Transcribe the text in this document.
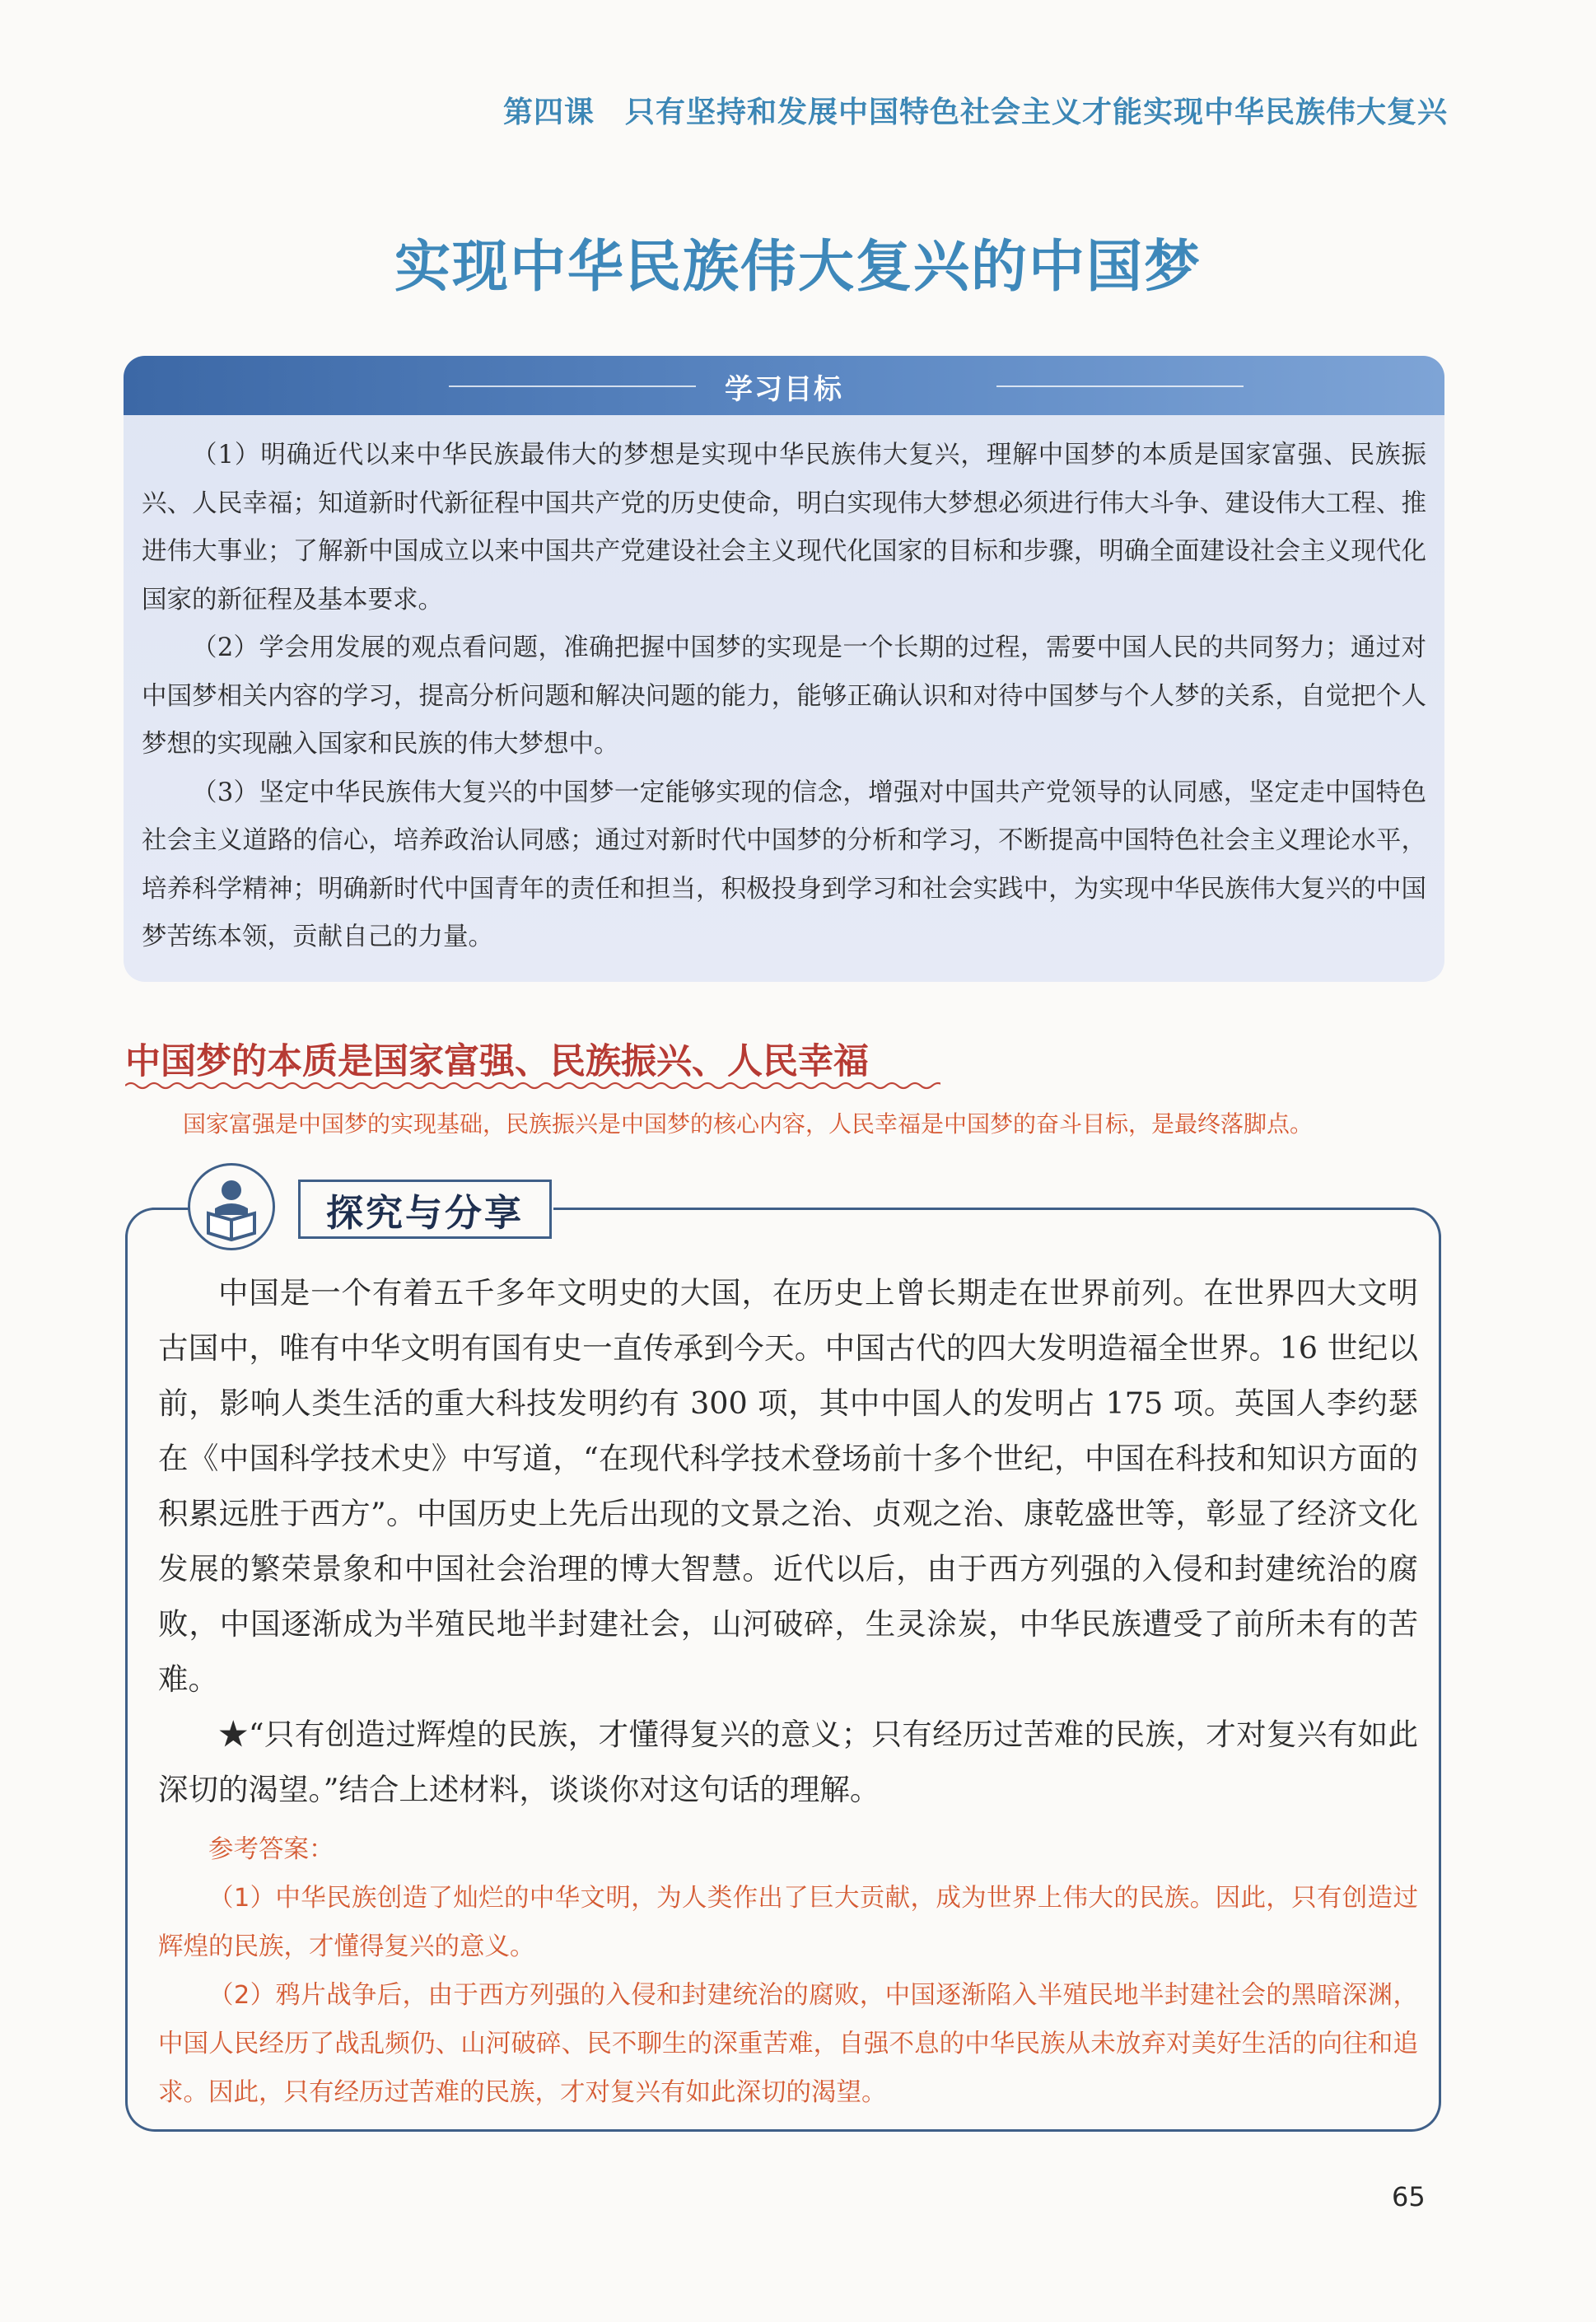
第四课　只有坚持和发展中国特色社会主义才能实现中华民族伟大复兴
实现中华民族伟大复兴的中国梦
学习目标

（1）明确近代以来中华民族最伟大的梦想是实现中华民族伟大复兴，理解中国梦的本质是国家富强、民族振兴、人民幸福；知道新时代新征程中国共产党的历史使命，明白实现伟大梦想必须进行伟大斗争、建设伟大工程、推进伟大事业；了解新中国成立以来中国共产党建设社会主义现代化国家的目标和步骤，明确全面建设社会主义现代化国家的新征程及基本要求。

（2）学会用发展的观点看问题，准确把握中国梦的实现是一个长期的过程，需要中国人民的共同努力；通过对中国梦相关内容的学习，提高分析问题和解决问题的能力，能够正确认识和对待中国梦与个人梦的关系，自觉把个人梦想的实现融入国家和民族的伟大梦想中。

（3）坚定中华民族伟大复兴的中国梦一定能够实现的信念，增强对中国共产党领导的认同感，坚定走中国特色社会主义道路的信心，培养政治认同感；通过对新时代中国梦的分析和学习，不断提高中国特色社会主义理论水平，培养科学精神；明确新时代中国青年的责任和担当，积极投身到学习和社会实践中，为实现中华民族伟大复兴的中国梦苦练本领，贡献自己的力量。

中国梦的本质是国家富强、民族振兴、人民幸福
国家富强是中国梦的实现基础，民族振兴是中国梦的核心内容，人民幸福是中国梦的奋斗目标，是最终落脚点。
探究与分享

中国是一个有着五千多年文明史的大国，在历史上曾长期走在世界前列。在世界四大文明古国中，唯有中华文明有国有史一直传承到今天。中国古代的四大发明造福全世界。16 世纪以前，影响人类生活的重大科技发明约有 300 项，其中中国人的发明占 175 项。英国人李约瑟在《中国科学技术史》中写道，“在现代科学技术登场前十多个世纪，中国在科技和知识方面的积累远胜于西方”。中国历史上先后出现的文景之治、贞观之治、康乾盛世等，彰显了经济文化发展的繁荣景象和中国社会治理的博大智慧。近代以后，由于西方列强的入侵和封建统治的腐败，中国逐渐成为半殖民地半封建社会，山河破碎，生灵涂炭，中华民族遭受了前所未有的苦难。

★“只有创造过辉煌的民族，才懂得复兴的意义；只有经历过苦难的民族，才对复兴有如此深切的渴望。”结合上述材料，谈谈你对这句话的理解。

参考答案：

（1）中华民族创造了灿烂的中华文明，为人类作出了巨大贡献，成为世界上伟大的民族。因此，只有创造过辉煌的民族，才懂得复兴的意义。

（2）鸦片战争后，由于西方列强的入侵和封建统治的腐败，中国逐渐陷入半殖民地半封建社会的黑暗深渊，中国人民经历了战乱频仍、山河破碎、民不聊生的深重苦难，自强不息的中华民族从未放弃对美好生活的向往和追求。因此，只有经历过苦难的民族，才对复兴有如此深切的渴望。

65
